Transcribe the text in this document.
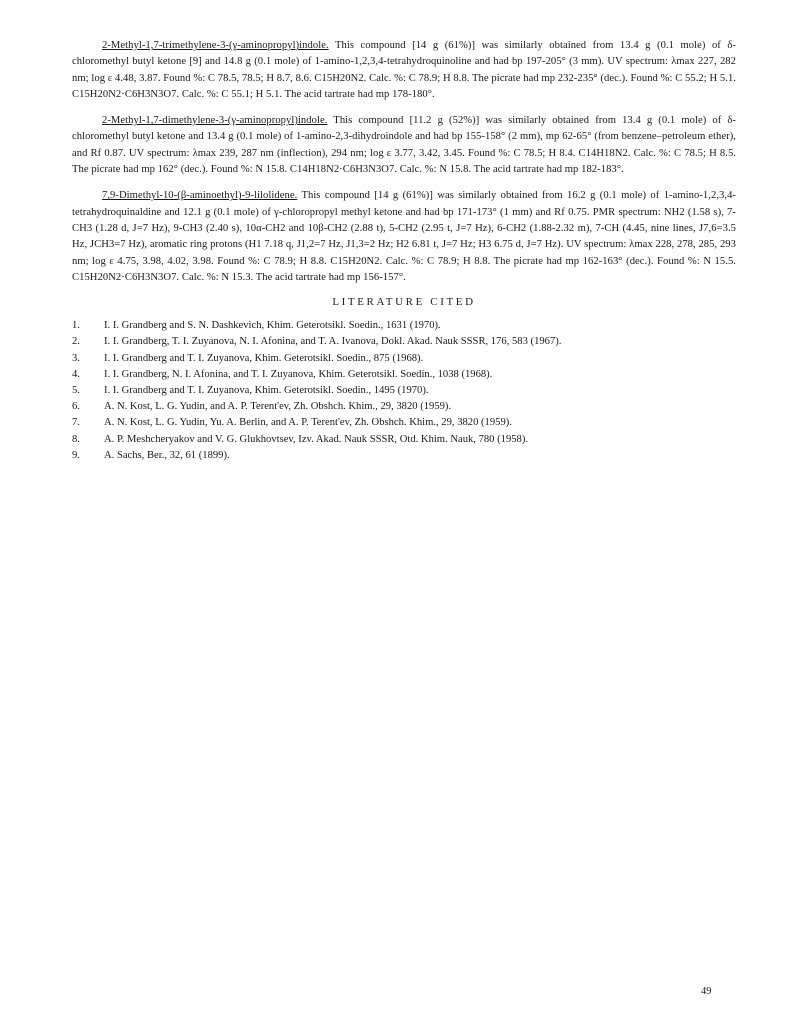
2-Methyl-1,7-trimethylene-3-(γ-aminopropyl)indole. This compound [14 g (61%)] was similarly obtained from 13.4 g (0.1 mole) of δ-chloromethyl butyl ketone [9] and 14.8 g (0.1 mole) of 1-amino-1,2,3,4-tetrahydroquinoline and had bp 197-205° (3 mm). UV spectrum: λmax 227, 282 nm; log ε 4.48, 3.87. Found %: C 78.5, 78.5; H 8.7, 8.6. C15H20N2. Calc. %: C 78.9; H 8.8. The picrate had mp 232-235° (dec.). Found %: C 55.2; H 5.1. C15H20N2·C6H3N3O7. Calc. %: C 55.1; H 5.1. The acid tartrate had mp 178-180°.

2-Methyl-1,7-dimethylene-3-(γ-aminopropyl)indole. This compound [11.2 g (52%)] was similarly obtained from 13.4 g (0.1 mole) of δ-chloromethyl butyl ketone and 13.4 g (0.1 mole) of 1-amino-2,3-dihydroindole and had bp 155-158° (2 mm), mp 62-65° (from benzene–petroleum ether), and Rf 0.87. UV spectrum: λmax 239, 287 nm (inflection), 294 nm; log ε 3.77, 3.42, 3.45. Found %: C 78.5; H 8.4. C14H18N2. Calc. %: C 78.5; H 8.5. The picrate had mp 162° (dec.). Found %: N 15.8. C14H18N2·C6H3N3O7. Calc. %: N 15.8. The acid tartrate had mp 182-183°.

7,9-Dimethyl-10-(β-aminoethyl)-9-lilolidene. This compound [14 g (61%)] was similarly obtained from 16.2 g (0.1 mole) of 1-amino-1,2,3,4-tetrahydroquinaldine and 12.1 g (0.1 mole) of γ-chloropropyl methyl ketone and had bp 171-173° (1 mm) and Rf 0.75. PMR spectrum: NH2 (1.58 s), 7-CH3 (1.28 d, J=7 Hz), 9-CH3 (2.40 s), 10α-CH2 and 10β-CH2 (2.88 t), 5-CH2 (2.95 t, J=7 Hz), 6-CH2 (1.88-2.32 m), 7-CH (4.45, nine lines, J7,6=3.5 Hz, JCH3=7 Hz), aromatic ring protons (H1 7.18 q, J1,2=7 Hz, J1,3=2 Hz; H2 6.81 t, J=7 Hz; H3 6.75 d, J=7 Hz). UV spectrum: λmax 228, 278, 285, 293 nm; log ε 4.75, 3.98, 4.02, 3.98. Found %: C 78.9; H 8.8. C15H20N2. Calc. %: C 78.9; H 8.8. The picrate had mp 162-163° (dec.). Found %: N 15.5. C15H20N2·C6H3N3O7. Calc. %: N 15.3. The acid tartrate had mp 156-157°.

LITERATURE CITED
1.	I. I. Grandberg and S. N. Dashkevich, Khim. Geterotsikl. Soedin., 1631 (1970).
2.	I. I. Grandberg, T. I. Zuyanova, N. I. Afonina, and T. A. Ivanova, Dokl. Akad. Nauk SSSR, 176, 583 (1967).
3.	I. I. Grandberg and T. I. Zuyanova, Khim. Geterotsikl. Soedin., 875 (1968).
4.	I. I. Grandberg, N. I. Afonina, and T. I. Zuyanova, Khim. Geterotsikl. Soedin., 1038 (1968).
5.	I. I. Grandberg and T. I. Zuyanova, Khim. Geterotsikl. Soedin., 1495 (1970).
6.	A. N. Kost, L. G. Yudin, and A. P. Terent'ev, Zh. Obshch. Khim., 29, 3820 (1959).
7.	A. N. Kost, L. G. Yudin, Yu. A. Berlin, and A. P. Terent'ev, Zh. Obshch. Khim., 29, 3820 (1959).
8.	A. P. Meshcheryakov and V. G. Glukhovtsev, Izv. Akad. Nauk SSSR, Otd. Khim. Nauk, 780 (1958).
9.	A. Sachs, Ber., 32, 61 (1899).
49
